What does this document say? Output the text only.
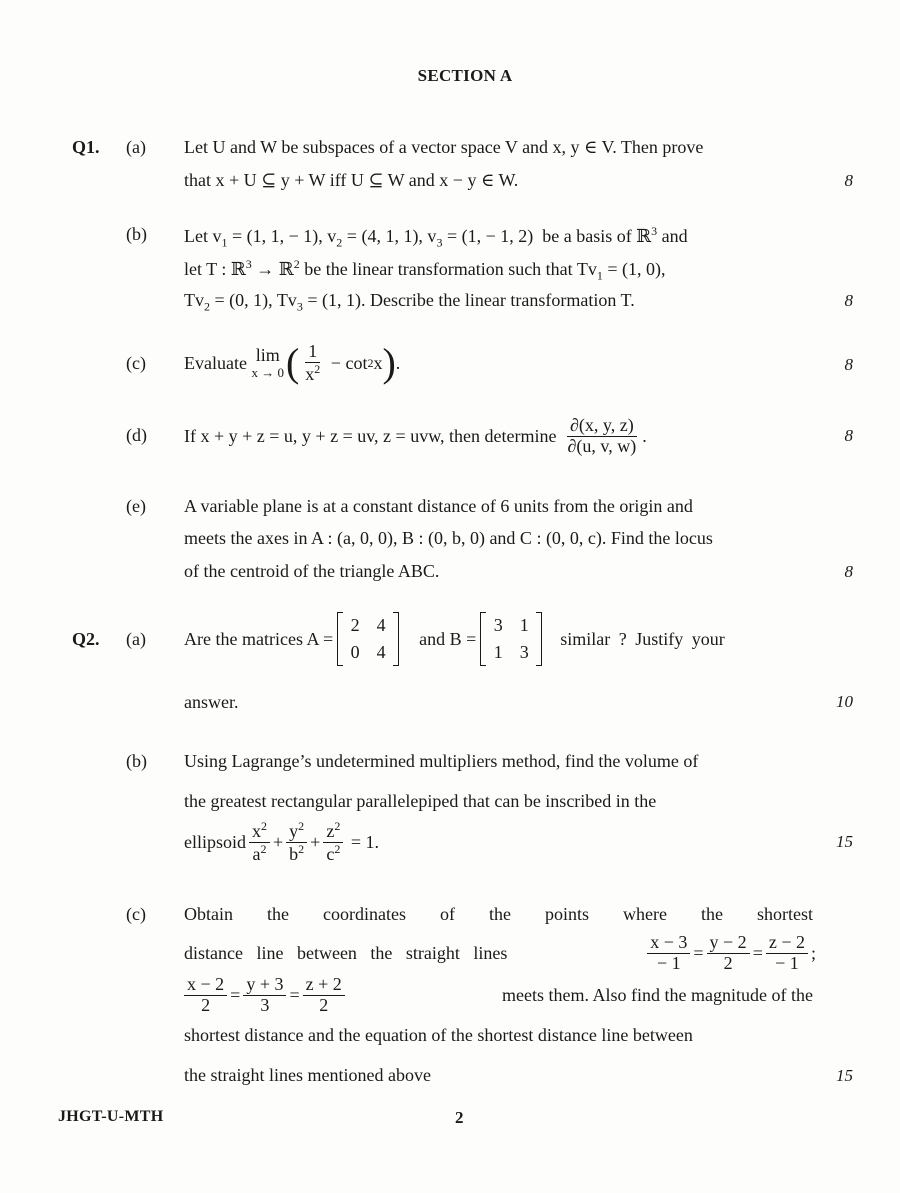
SECTION A
Q1. (a) Let U and W be subspaces of a vector space V and x, y ∈ V. Then prove
that x + U ⊆ y + W iff U ⊆ W and x − y ∈ W.	8
(b) Let $v_1 = (1$, 1, − 1), $v_2 = (4$, 1, 1), $v_3 = (1$, − 1, 2)  be a basis of ℝ$^3$ and
let T : ℝ$^3$ → ℝ$^2$ be the linear transformation such that $Tv_1 = (1$, 0),
$Tv_2 = (0$, 1), $Tv_3 = (1$, 1). Describe the linear transformation T.	8
(c) Evaluate
lim
x → 0 ( $\frac{1}{x^2} - \cot 2$ x ) .	8
(d) If x + y + z = u, y + z = uv, z = uvw, then determine $\frac{\partial(x, y, z)}{\partial(u, v, w)}$ .	8
(e) A variable plane is at a constant distance of 6 units from the origin and
meets the axes in A : (a, 0, 0), B : (0, b, 0) and C : (0, 0, c). Find the locus
of the centroid of the triangle ABC.	8
Q2. (a) Are the matrices A =
2 4
0 4
and B =
3 1
1 3
similar ? Justify your
answer.	10
(b) Using Lagrange’s undetermined multipliers method, find the volume of
the greatest rectangular parallelepiped that can be inscribed in the
ellipsoid $\frac{x^2}{a^2} + \frac{y^2}{b^2} + \frac{z^2}{c^2} = 1$.	15
(c) Obtain the coordinates of the points where the shortest
distance line between the straight lines	$\frac{x - 3}{- 1} = \frac{y - 2}{2} = \frac{z - 2}{- 1}$ ;
$\frac{x - 2}{2} = \frac{y + 3}{3} = \frac{z + 2}{2}$	meets them. Also find the magnitude of the
shortest distance and the equation of the shortest distance line between
the straight lines mentioned above	15
JHGT-U-MTH	2
